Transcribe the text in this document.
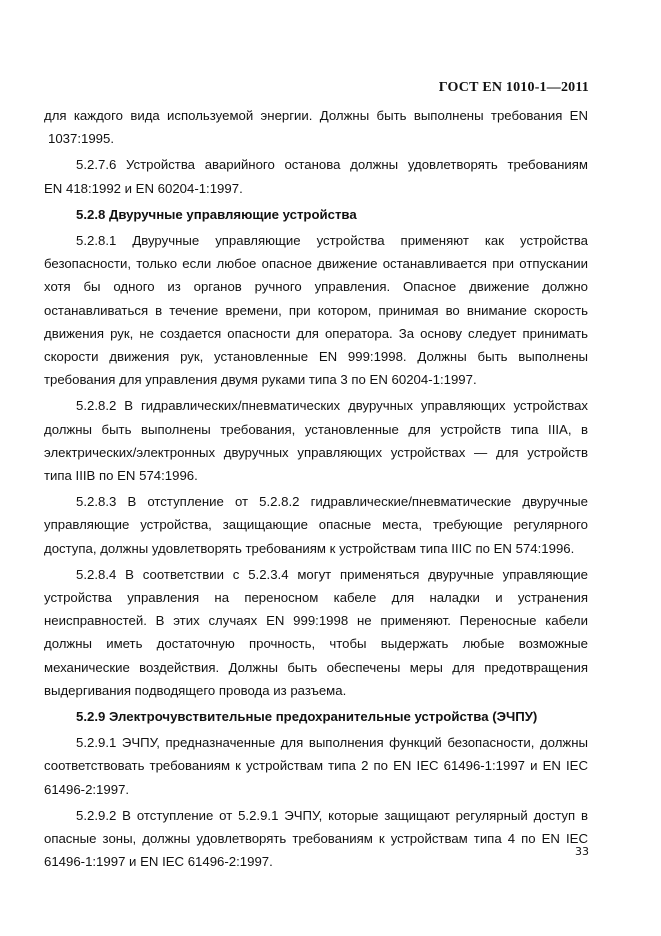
ГОСТ EN 1010-1—2011
для каждого вида используемой энергии. Должны быть выполнены требования EN
1037:1995.
5.2.7.6 Устройства аварийного останова должны удовлетворять требованиям
EN 418:1992 и EN 60204-1:1997.
5.2.8 Двуручные управляющие устройства
5.2.8.1 Двуручные управляющие устройства применяют как устройства
безопасности, только если любое опасное движение останавливается при отпускании
хотя бы одного из органов ручного управления. Опасное движение должно
останавливаться в течение времени, при котором, принимая во внимание скорость
движения рук, не создается опасности для оператора. За основу следует принимать
скорости движения рук, установленные EN 999:1998. Должны быть выполнены
требования для управления двумя руками типа 3 по EN 60204-1:1997.
5.2.8.2 В гидравлических/пневматических двуручных управляющих устройствах
должны быть выполнены требования, установленные для устройств типа IIIA, в
электрических/электронных двуручных управляющих устройствах — для устройств
типа IIIB по EN 574:1996.
5.2.8.3 В отступление от 5.2.8.2 гидравлические/пневматические двуручные
управляющие устройства, защищающие опасные места, требующие регулярного
доступа, должны удовлетворять требованиям к устройствам типа IIIC по EN 574:1996.
5.2.8.4 В соответствии с 5.2.3.4 могут применяться двуручные управляющие
устройства управления на переносном кабеле для наладки и устранения
неисправностей. В этих случаях EN 999:1998 не применяют. Переносные кабели
должны иметь достаточную прочность, чтобы выдержать любые возможные
механические воздействия. Должны быть обеспечены меры для предотвращения
выдергивания подводящего провода из разъема.
5.2.9 Электрочувствительные предохранительные устройства (ЭЧПУ)
5.2.9.1 ЭЧПУ, предназначенные для выполнения функций безопасности, должны
соответствовать требованиям к устройствам типа 2 по EN IEC 61496-1:1997 и EN IEC
61496-2:1997.
5.2.9.2 В отступление от 5.2.9.1 ЭЧПУ, которые защищают регулярный доступ в
опасные зоны, должны удовлетворять требованиям к устройствам типа 4 по EN IEC
61496-1:1997 и EN IEC 61496-2:1997.
33
